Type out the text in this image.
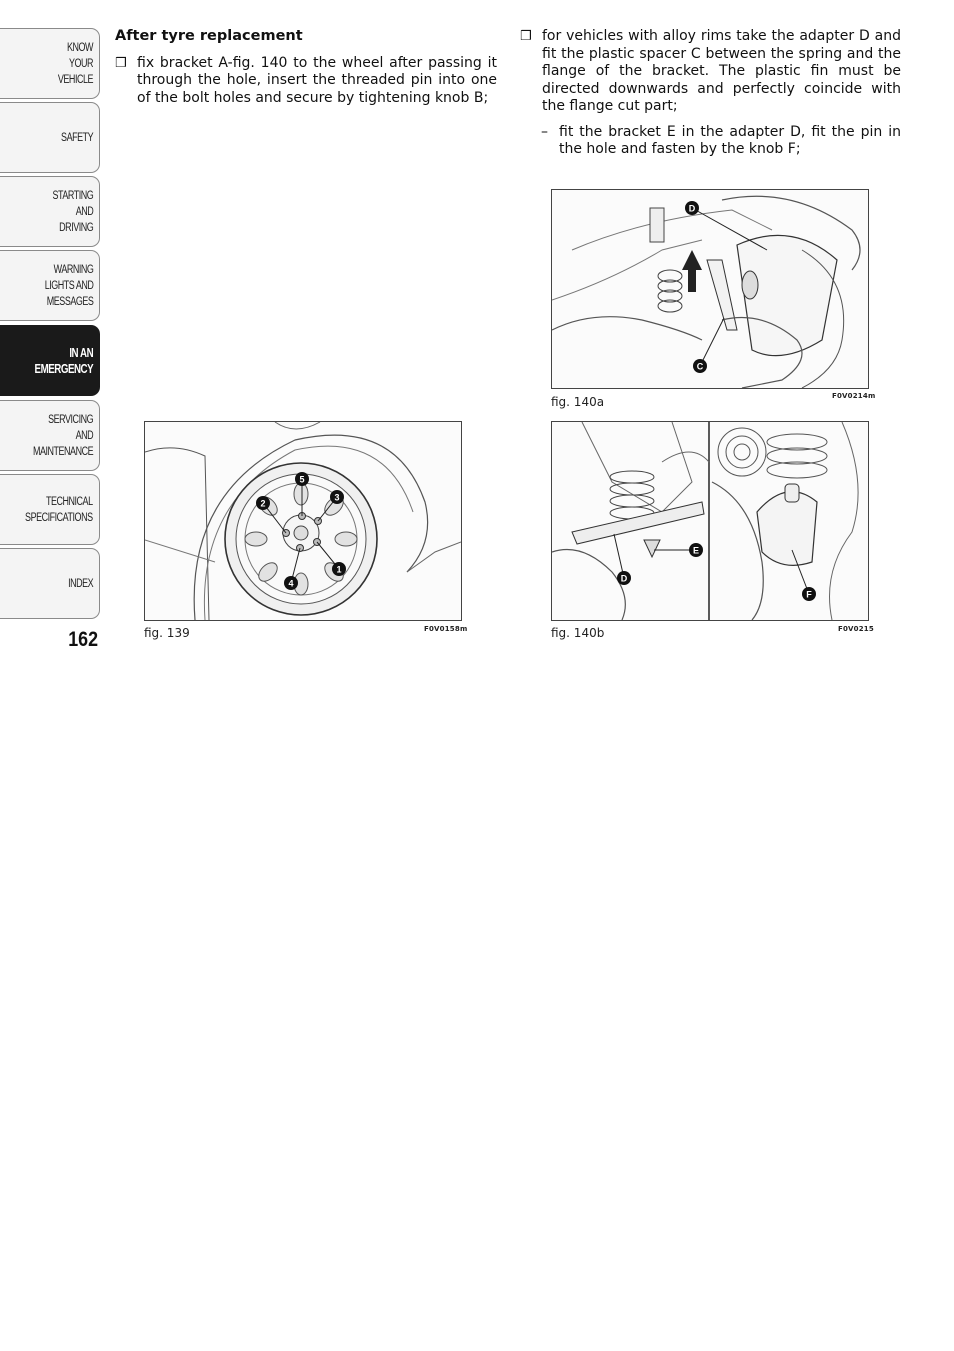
KNOW
YOUR
VEHICLE
SAFETY
STARTING
AND
DRIVING
WARNING
LIGHTS AND
MESSAGES
IN AN
EMERGENCY
SERVICING
AND
MAINTENANCE
TECHNICAL
SPECIFICATIONS
INDEX
162
After tyre replacement
❒ fix bracket A-fig. 140 to the wheel after passing it through the hole, insert the threaded pin into one of the bolt holes and secure by tightening knob B;
❒ for vehicles with alloy rims take the adapter D and fit the plastic spacer C between the spring and the flange of the bracket. The plastic fin must be directed downwards and perfectly coincide with the flange cut part;
– fit the bracket E in the adapter D, fit the pin in the hole and fasten by the knob F;
1
2
3
4
5
fig. 139	F0V0158m
D
C
fig. 140a	F0V0214m
E
D
F
fig. 140b	F0V0215
